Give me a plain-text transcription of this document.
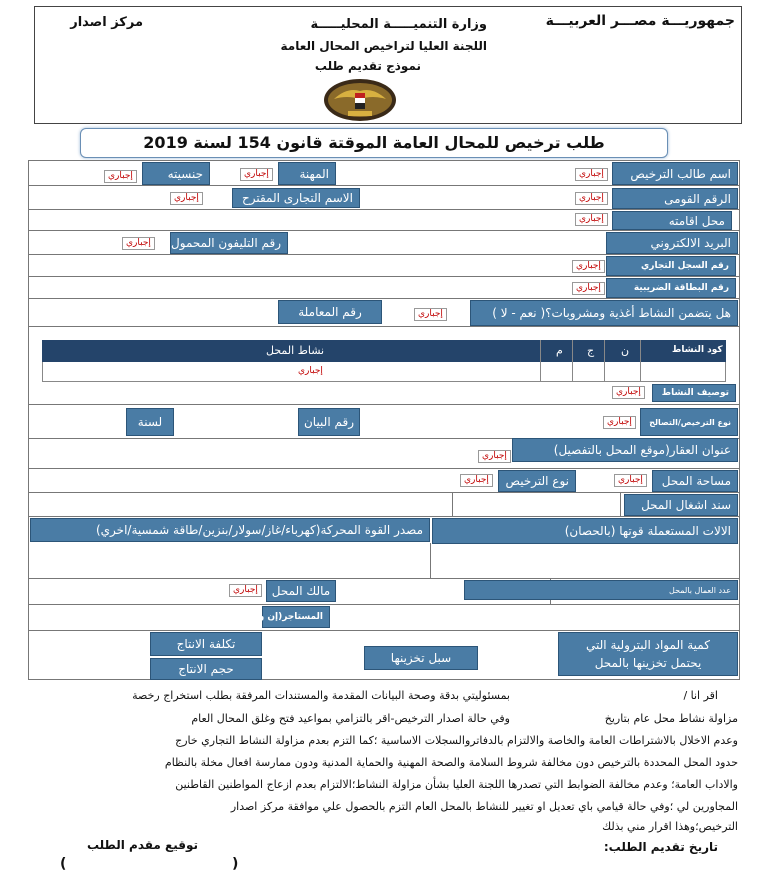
جمهوريـــة مصـــر العربيـــة
وزارة التنميـــــة المحليـــــة
مركز اصدار
اللجنة العليا لتراخيص المحال العامة
نموذج تقديم طلب
طلب ترخيص للمحال العامة الموقتة قانون 154 لسنة 2019
اسم طالب الترخيص
إجباري
المهنة
إجباري
جنسيته
إجباري
الرقم القومى
إجباري
الاسم التجارى المقترح
إجباري
محل اقامته
إجباري
البريد الالكتروني
رقم التليفون المحمول
إجباري
رقم السجل التجاري
إجباري
رقم البطاقة الضريبية
إجباري
هل يتضمن النشاط أغذية ومشروبات؟( نعم - لا )
إجباري
رقم المعاملة
كود النشاط
ن
ج
م
نشاط المحل
إجباري
توصيف النشاط
إجباري
نوع الترخيص/التصالح
إجباري
رقم البيان
لسنة
عنوان العقار(موقع المحل بالتفصيل)
إجباري
مساحة المحل
إجباري
نوع الترخيص
إجباري
سند اشغال المحل
مصدر القوة المحركة(كهرباء/غاز/سولار/بنزين/طاقة شمسية/اخري)	الالات المستعملة قوتها (بالحصان)
عدد العمال بالمحل
مالك المحل
إجباري
المستاجر(إن وجد)
تكلفة الانتاج
حجم الانتاج
سبل تخزينها
كمية المواد البترولية التي
يحتمل تخزينها بالمحل
اقر انا /
بمسئوليتي بدقة وصحة البيانات المقدمة والمستندات المرفقة بطلب استخراج رخصة
مزاولة نشاط محل عام بتاريخ
وفي حالة اصدار الترخيص-اقر بالتزامي بمواعيد فتح وغلق المحال العام
وعدم الاخلال بالاشتراطات العامة والخاصة والالتزام بالدفاتروالسجلات الاساسية ؛كما التزم بعدم مزاولة النشاط التجاري خارج
حدود المحل المحددة بالترخيص دون مخالفة شروط السلامة والصحة المهنية والحماية المدنية ودون ممارسة افعال مخلة بالنظام
والاداب العامة؛ وعدم مخالفة الضوابط التي تصدرها اللجنة العليا بشأن مزاولة النشاط؛الالتزام بعدم ازعاج المواطنين القاطنين
المجاورين لي ؛وفي حالة قيامي باي تعديل او تغيير للنشاط بالمحل العام التزم بالحصول علي موافقة مركز اصدار
الترخيص؛وهذا اقرار مني بذلك
تاريخ تقديم الطلب:
توقيع مقدم الطلب
(
)
